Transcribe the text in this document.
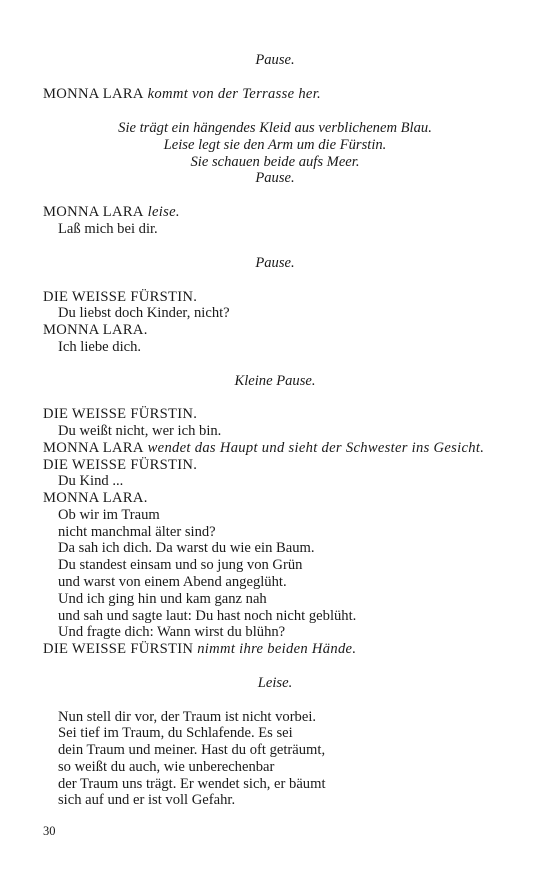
Pause.
MONNA LARA kommt von der Terrasse her.
Sie trägt ein hängendes Kleid aus verblichenem Blau.
Leise legt sie den Arm um die Fürstin.
Sie schauen beide aufs Meer.
Pause.
MONNA LARA leise.
Laß mich bei dir.
Pause.
DIE WEISSE FÜRSTIN.
Du liebst doch Kinder, nicht?
MONNA LARA.
Ich liebe dich.
Kleine Pause.
DIE WEISSE FÜRSTIN.
Du weißt nicht, wer ich bin.
MONNA LARA wendet das Haupt und sieht der Schwester ins Gesicht.
DIE WEISSE FÜRSTIN.
Du Kind ...
MONNA LARA.
Ob wir im Traum
nicht manchmal älter sind?
Da sah ich dich. Da warst du wie ein Baum.
Du standest einsam und so jung von Grün
und warst von einem Abend angeglüht.
Und ich ging hin und kam ganz nah
und sah und sagte laut: Du hast noch nicht geblüht.
Und fragte dich: Wann wirst du blühn?
DIE WEISSE FÜRSTIN nimmt ihre beiden Hände.
Leise.
Nun stell dir vor, der Traum ist nicht vorbei.
Sei tief im Traum, du Schlafende. Es sei
dein Traum und meiner. Hast du oft geträumt,
so weißt du auch, wie unberechenbar
der Traum uns trägt. Er wendet sich, er bäumt
sich auf und er ist voll Gefahr.
30
